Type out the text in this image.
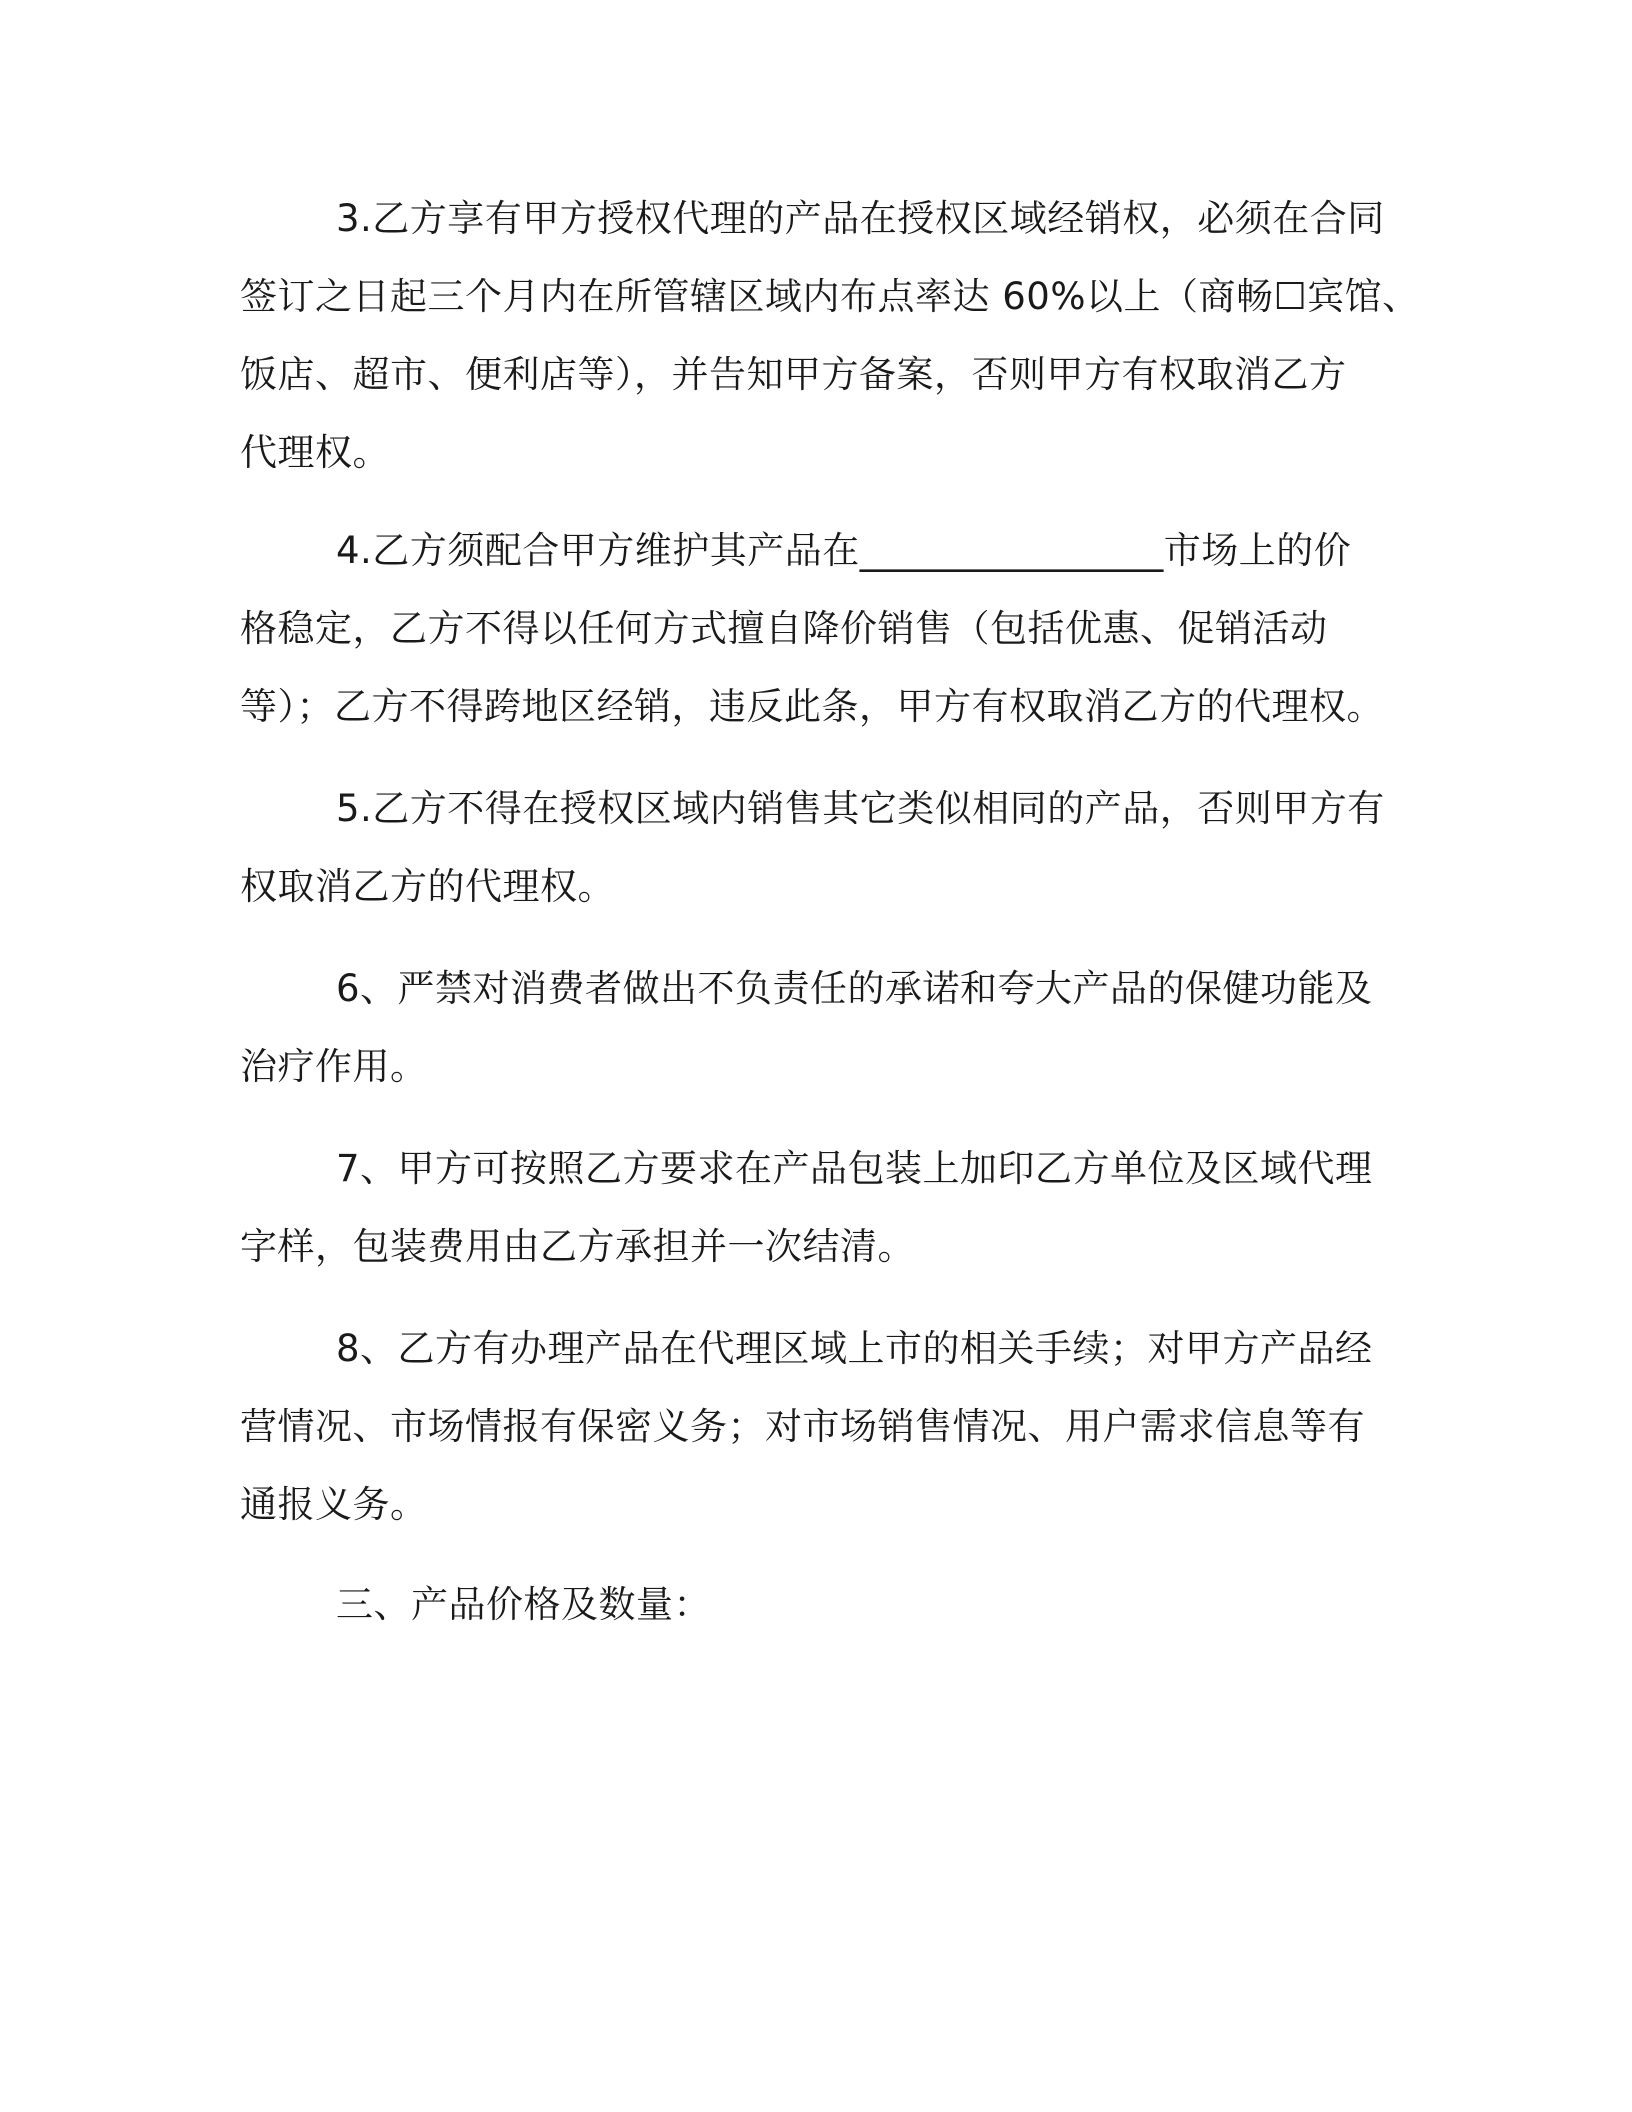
3.乙方享有甲方授权代理的产品在授权区域经销权，必须在合同
签订之日起三个月内在所管辖区域内布点率达 60%以上（商畅☐宾馆、
饭店、超市、便利店等），并告知甲方备案，否则甲方有权取消乙方
代理权。

4.乙方须配合甲方维护其产品在________________市场上的价
格稳定，乙方不得以任何方式擅自降价销售（包括优惠、促销活动
等）；乙方不得跨地区经销，违反此条，甲方有权取消乙方的代理权。

5.乙方不得在授权区域内销售其它类似相同的产品，否则甲方有
权取消乙方的代理权。

6、严禁对消费者做出不负责任的承诺和夸大产品的保健功能及
治疗作用。

7、甲方可按照乙方要求在产品包装上加印乙方单位及区域代理
字样，包装费用由乙方承担并一次结清。

8、乙方有办理产品在代理区域上市的相关手续；对甲方产品经
营情况、市场情报有保密义务；对市场销售情况、用户需求信息等有
通报义务。

三、产品价格及数量：
